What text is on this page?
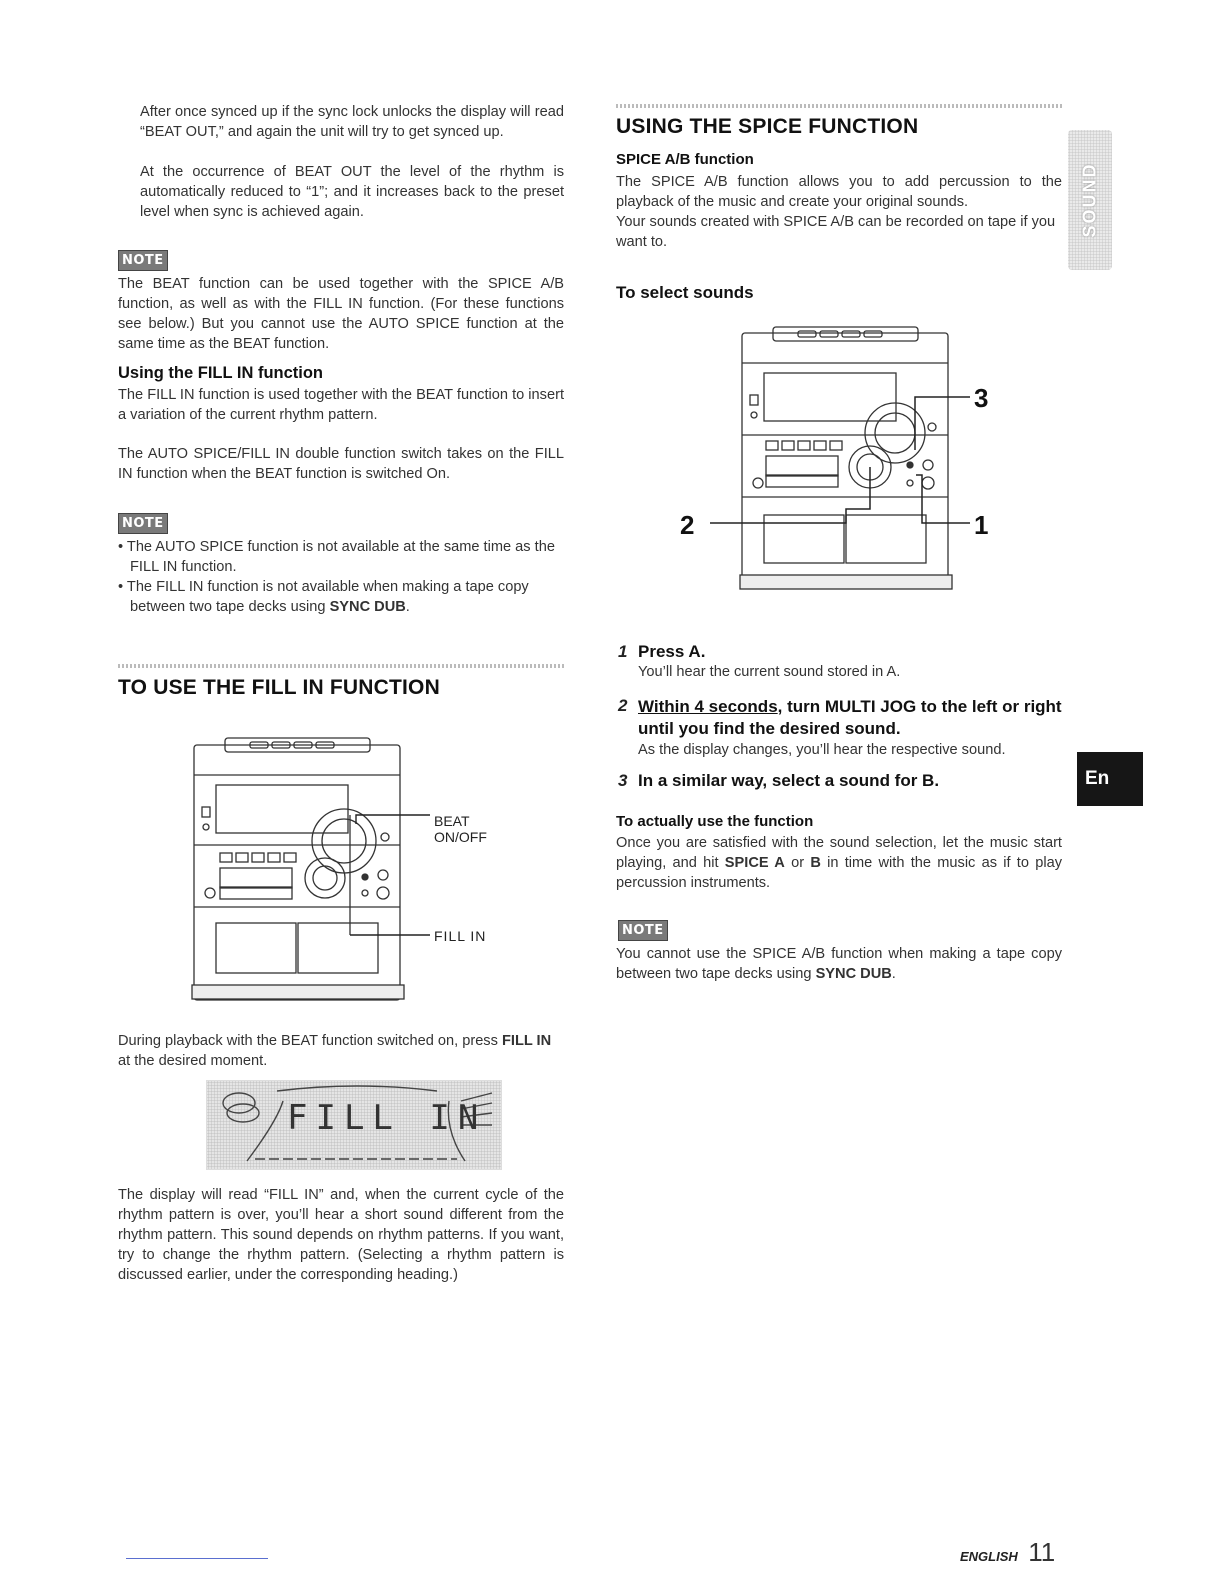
After once synced up if the sync lock unlocks the display will read “BEAT OUT,” and again the unit will try to get synced up.

At the occurrence of BEAT OUT the level of the rhythm is automatically reduced to “1”; and it increases back to the preset level when sync is achieved again.

NOTE

The BEAT function can be used together with the SPICE A/B function, as well as with the FILL IN function. (For these functions see below.) But you cannot use the AUTO SPICE function at the same time as the BEAT function.

Using the FILL IN function

The FILL IN function is used together with the BEAT function to insert a variation of the current rhythm pattern.

The AUTO SPICE/FILL IN double function switch takes on the FILL IN function when the BEAT function is switched On.

NOTE
• The AUTO SPICE function is not available at the same time as the FILL IN function.
• The FILL IN function is not available when making a tape copy between two tape decks using SYNC DUB.
TO USE THE FILL IN FUNCTION
BEAT
ON/OFF
FILL IN

During playback with the BEAT function switched on, press FILL IN at the desired moment.

FILL IN

The display will read “FILL IN” and, when the current cycle of the rhythm pattern is over, you’ll hear a short sound different from the rhythm pattern. This sound depends on rhythm patterns. If you want, try to change the rhythm pattern. (Selecting a rhythm pattern is discussed earlier, under the corresponding heading.)

USING THE SPICE FUNCTION
SPICE A/B function

The SPICE A/B function allows you to add percussion to the playback of the music and create your original sounds.

Your sounds created with SPICE A/B can be recorded on tape if you want to.

To select sounds
3
1
2
1 Press A.
You’ll hear the current sound stored in A.
2 Within 4 seconds, turn MULTI JOG to the left or right until you find the desired sound.
As the display changes, you’ll hear the respective sound.
3 In a similar way, select a sound for B.
To actually use the function

Once you are satisfied with the sound selection, let the music start playing, and hit SPICE A or B in time with the music as if to play percussion instruments.

NOTE

You cannot use the SPICE A/B function when making a tape copy between two tape decks using SYNC DUB.

SOUND
En
ENGLISH 11
